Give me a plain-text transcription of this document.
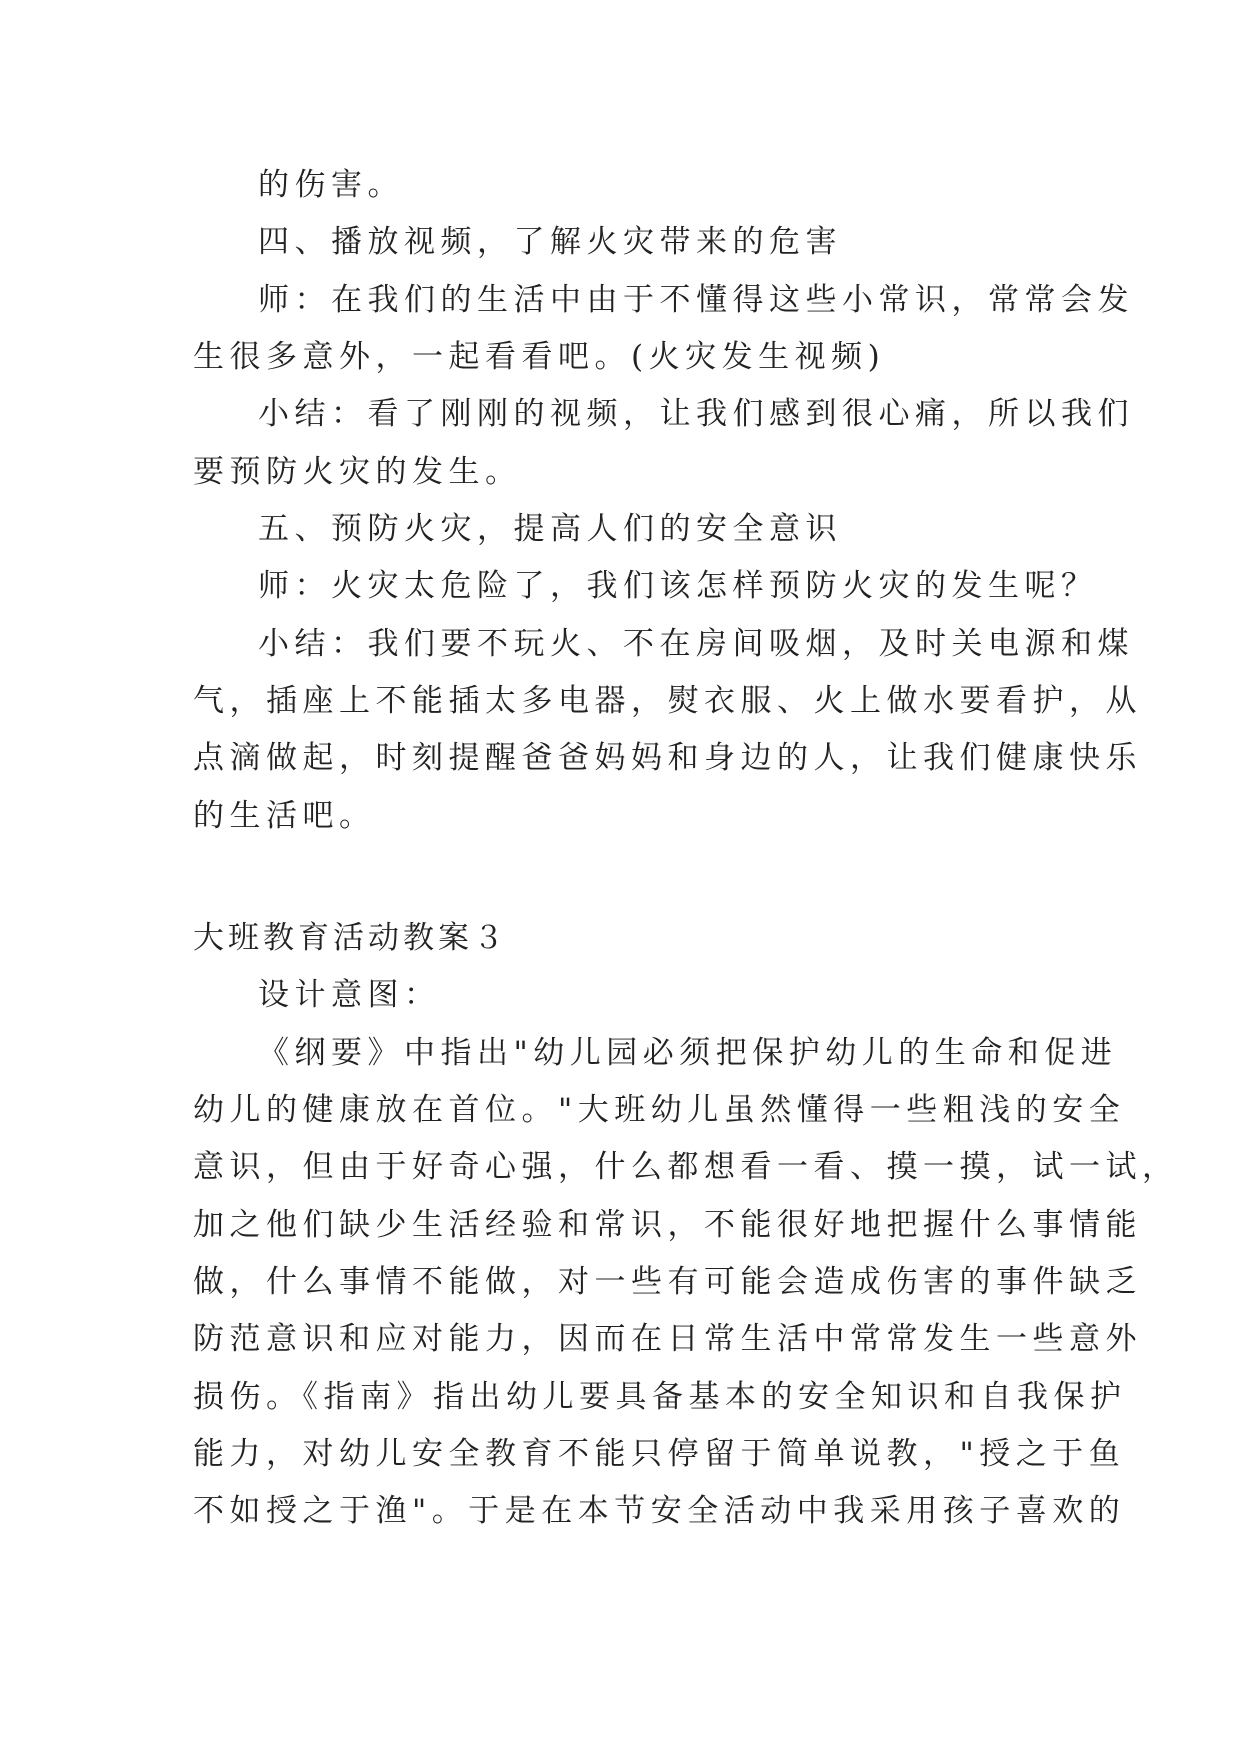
的伤害。
四、播放视频，了解火灾带来的危害
师：在我们的生活中由于不懂得这些小常识，常常会发
生很多意外，一起看看吧。(火灾发生视频)
小结：看了刚刚的视频，让我们感到很心痛，所以我们
要预防火灾的发生。
五、预防火灾，提高人们的安全意识
师：火灾太危险了，我们该怎样预防火灾的发生呢？
小结：我们要不玩火、不在房间吸烟，及时关电源和煤
气，插座上不能插太多电器，熨衣服、火上做水要看护，从
点滴做起，时刻提醒爸爸妈妈和身边的人，让我们健康快乐
的生活吧。
大班教育活动教案３
设计意图：
《纲要》中指出"幼儿园必须把保护幼儿的生命和促进
幼儿的健康放在首位。"大班幼儿虽然懂得一些粗浅的安全
意识，但由于好奇心强，什么都想看一看、摸一摸，试一试，
加之他们缺少生活经验和常识，不能很好地把握什么事情能
做，什么事情不能做，对一些有可能会造成伤害的事件缺乏
防范意识和应对能力，因而在日常生活中常常发生一些意外
损伤。《指南》指出幼儿要具备基本的安全知识和自我保护
能力，对幼儿安全教育不能只停留于简单说教，"授之于鱼
不如授之于渔"。于是在本节安全活动中我采用孩子喜欢的
